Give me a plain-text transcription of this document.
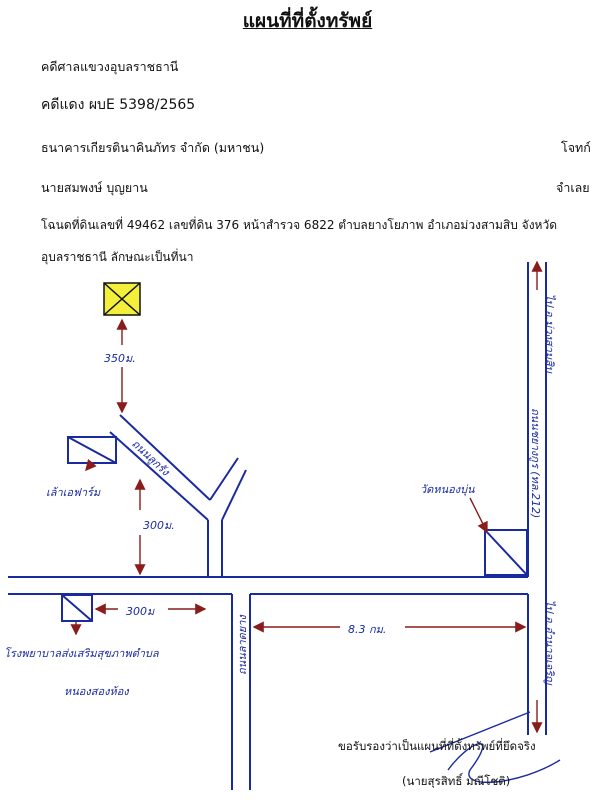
แผนที่ที่ตั้งทรัพย์
คดีศาลแขวงอุบลราชธานี
คดีแดง ผบE 5398/2565
ธนาคารเกียรตินาคินภัทร จำกัด (มหาชน)	โจทก์
นายสมพงษ์ บุญยาน	จำเลย
โฉนดที่ดินเลขที่ 49462 เลขที่ดิน 376 หน้าสำรวจ 6822 ตำบลยางโยภาพ อำเภอม่วงสามสิบ จังหวัด
อุบลราชธานี ลักษณะเป็นที่นา
350ม.
300ม.
300ม
8.3 กม.
เล้าเอฟาร์ม
ถนนลูกรัง
โรงพยาบาลส่งเสริมสุขภาพตำบล
หนองสองห้อง
วัดหนองบุ่น
ไป อ.ม่วงสามสิบ
ถนนชยางกูร (ทล.212)
ไป อ.อำนาจเจริญ
ถนนลาดยาง
ขอรับรองว่าเป็นแผนที่ที่ตั้งทรัพย์ที่ยึดจริง
(นายสุรสิทธิ์ มณีโชติ)
